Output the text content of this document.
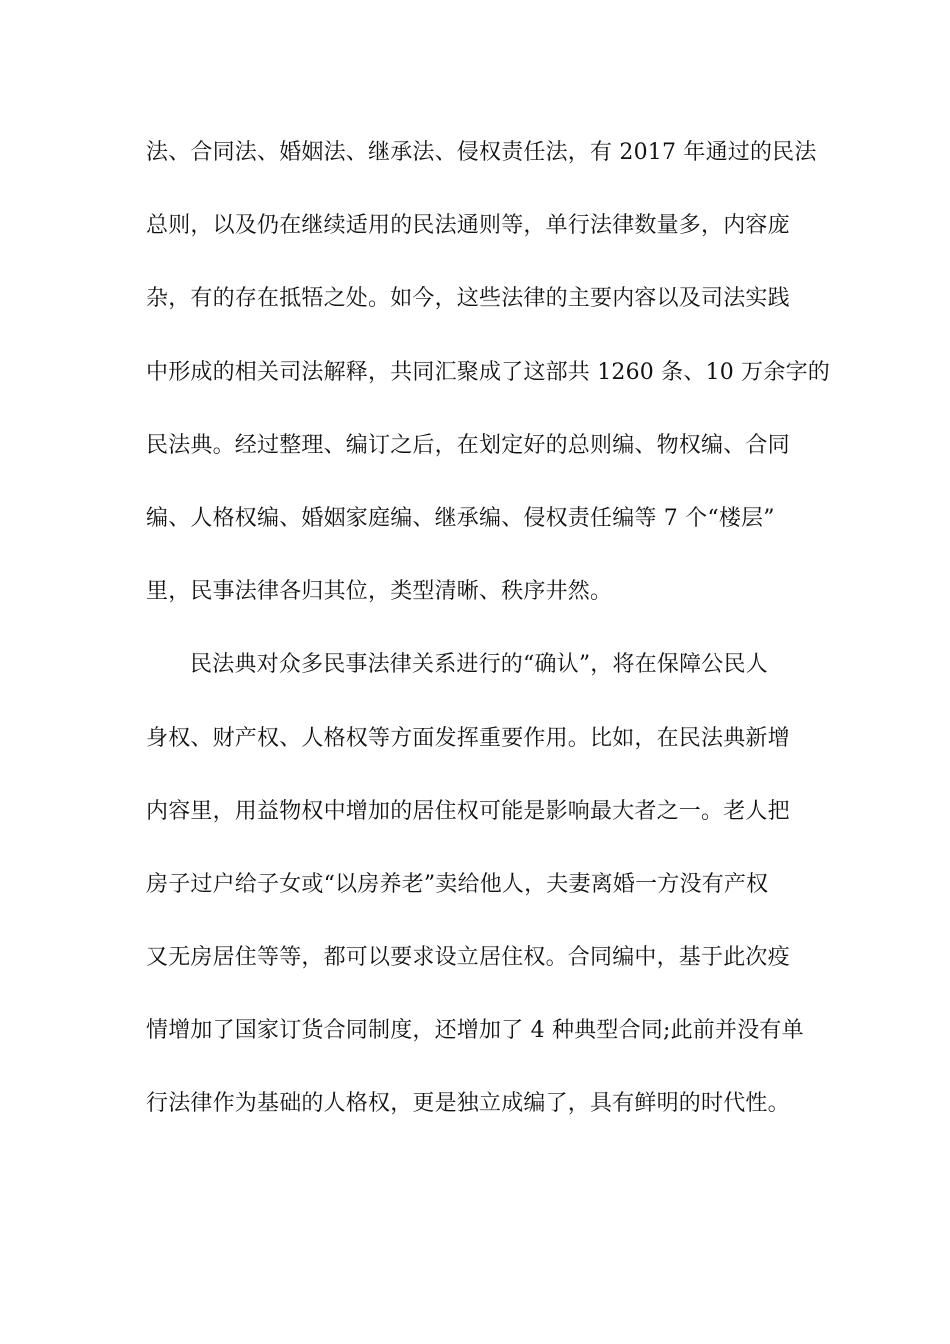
法、合同法、婚姻法、继承法、侵权责任法，有 2017 年通过的民法
总则，以及仍在继续适用的民法通则等，单行法律数量多，内容庞
杂，有的存在抵牾之处。如今，这些法律的主要内容以及司法实践
中形成的相关司法解释，共同汇聚成了这部共 1260 条、10 万余字的
民法典。经过整理、编订之后，在划定好的总则编、物权编、合同
编、人格权编、婚姻家庭编、继承编、侵权责任编等 7 个“楼层”
里，民事法律各归其位，类型清晰、秩序井然。
民法典对众多民事法律关系进行的“确认”，将在保障公民人
身权、财产权、人格权等方面发挥重要作用。比如，在民法典新增
内容里，用益物权中增加的居住权可能是影响最大者之一。老人把
房子过户给子女或“以房养老”卖给他人，夫妻离婚一方没有产权
又无房居住等等，都可以要求设立居住权。合同编中，基于此次疫
情增加了国家订货合同制度，还增加了 4 种典型合同;此前并没有单
行法律作为基础的人格权，更是独立成编了，具有鲜明的时代性。
